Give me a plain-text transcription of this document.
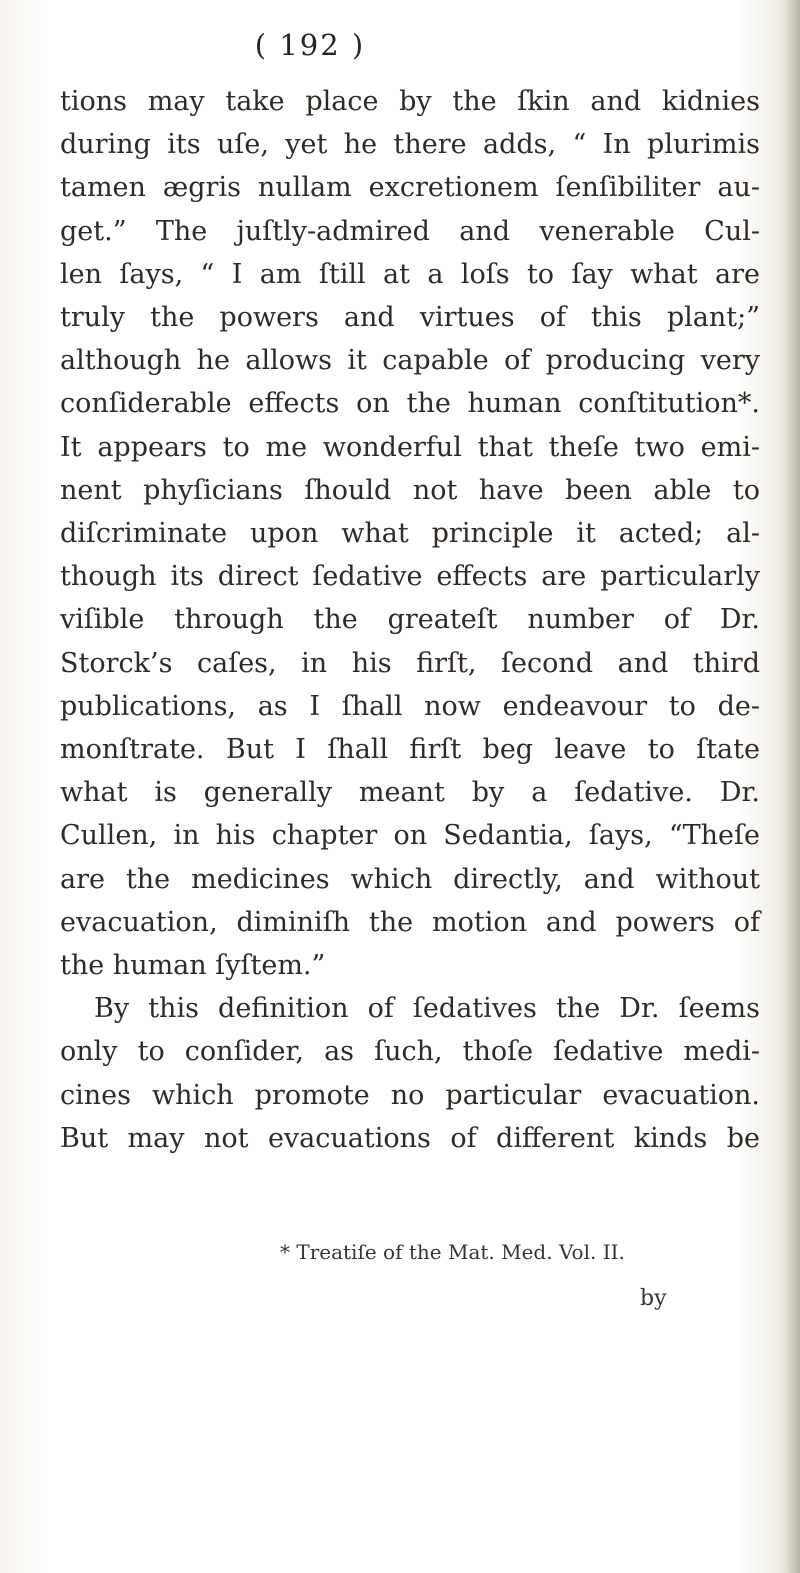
( 192 )
tions may take place by the ſkin and kidnies
during its uſe, yet he there adds, “ In plurimis
tamen ægris nullam excretionem ſenſibiliter au-
get.” The juſtly-admired and venerable Cul-
len ſays, “ I am ſtill at a loſs to ſay what are
truly the powers and virtues of this plant;”
although he allows it capable of producing very
conſiderable effects on the human conſtitution*.
It appears to me wonderful that theſe two emi-
nent phyſicians ſhould not have been able to
diſcriminate upon what principle it acted; al-
though its direct ſedative effects are particularly
viſible through the greateſt number of Dr.
Storck’s caſes, in his firſt, ſecond and third
publications, as I ſhall now endeavour to de-
monſtrate. But I ſhall firſt beg leave to ſtate
what is generally meant by a ſedative. Dr.
Cullen, in his chapter on Sedantia, ſays, “Theſe
are the medicines which directly, and without
evacuation, diminiſh the motion and powers of
the human ſyſtem.”
By this definition of ſedatives the Dr. ſeems
only to conſider, as ſuch, thoſe ſedative medi-
cines which promote no particular evacuation.
But may not evacuations of different kinds be
* Treatiſe of the Mat. Med. Vol. II.
by
